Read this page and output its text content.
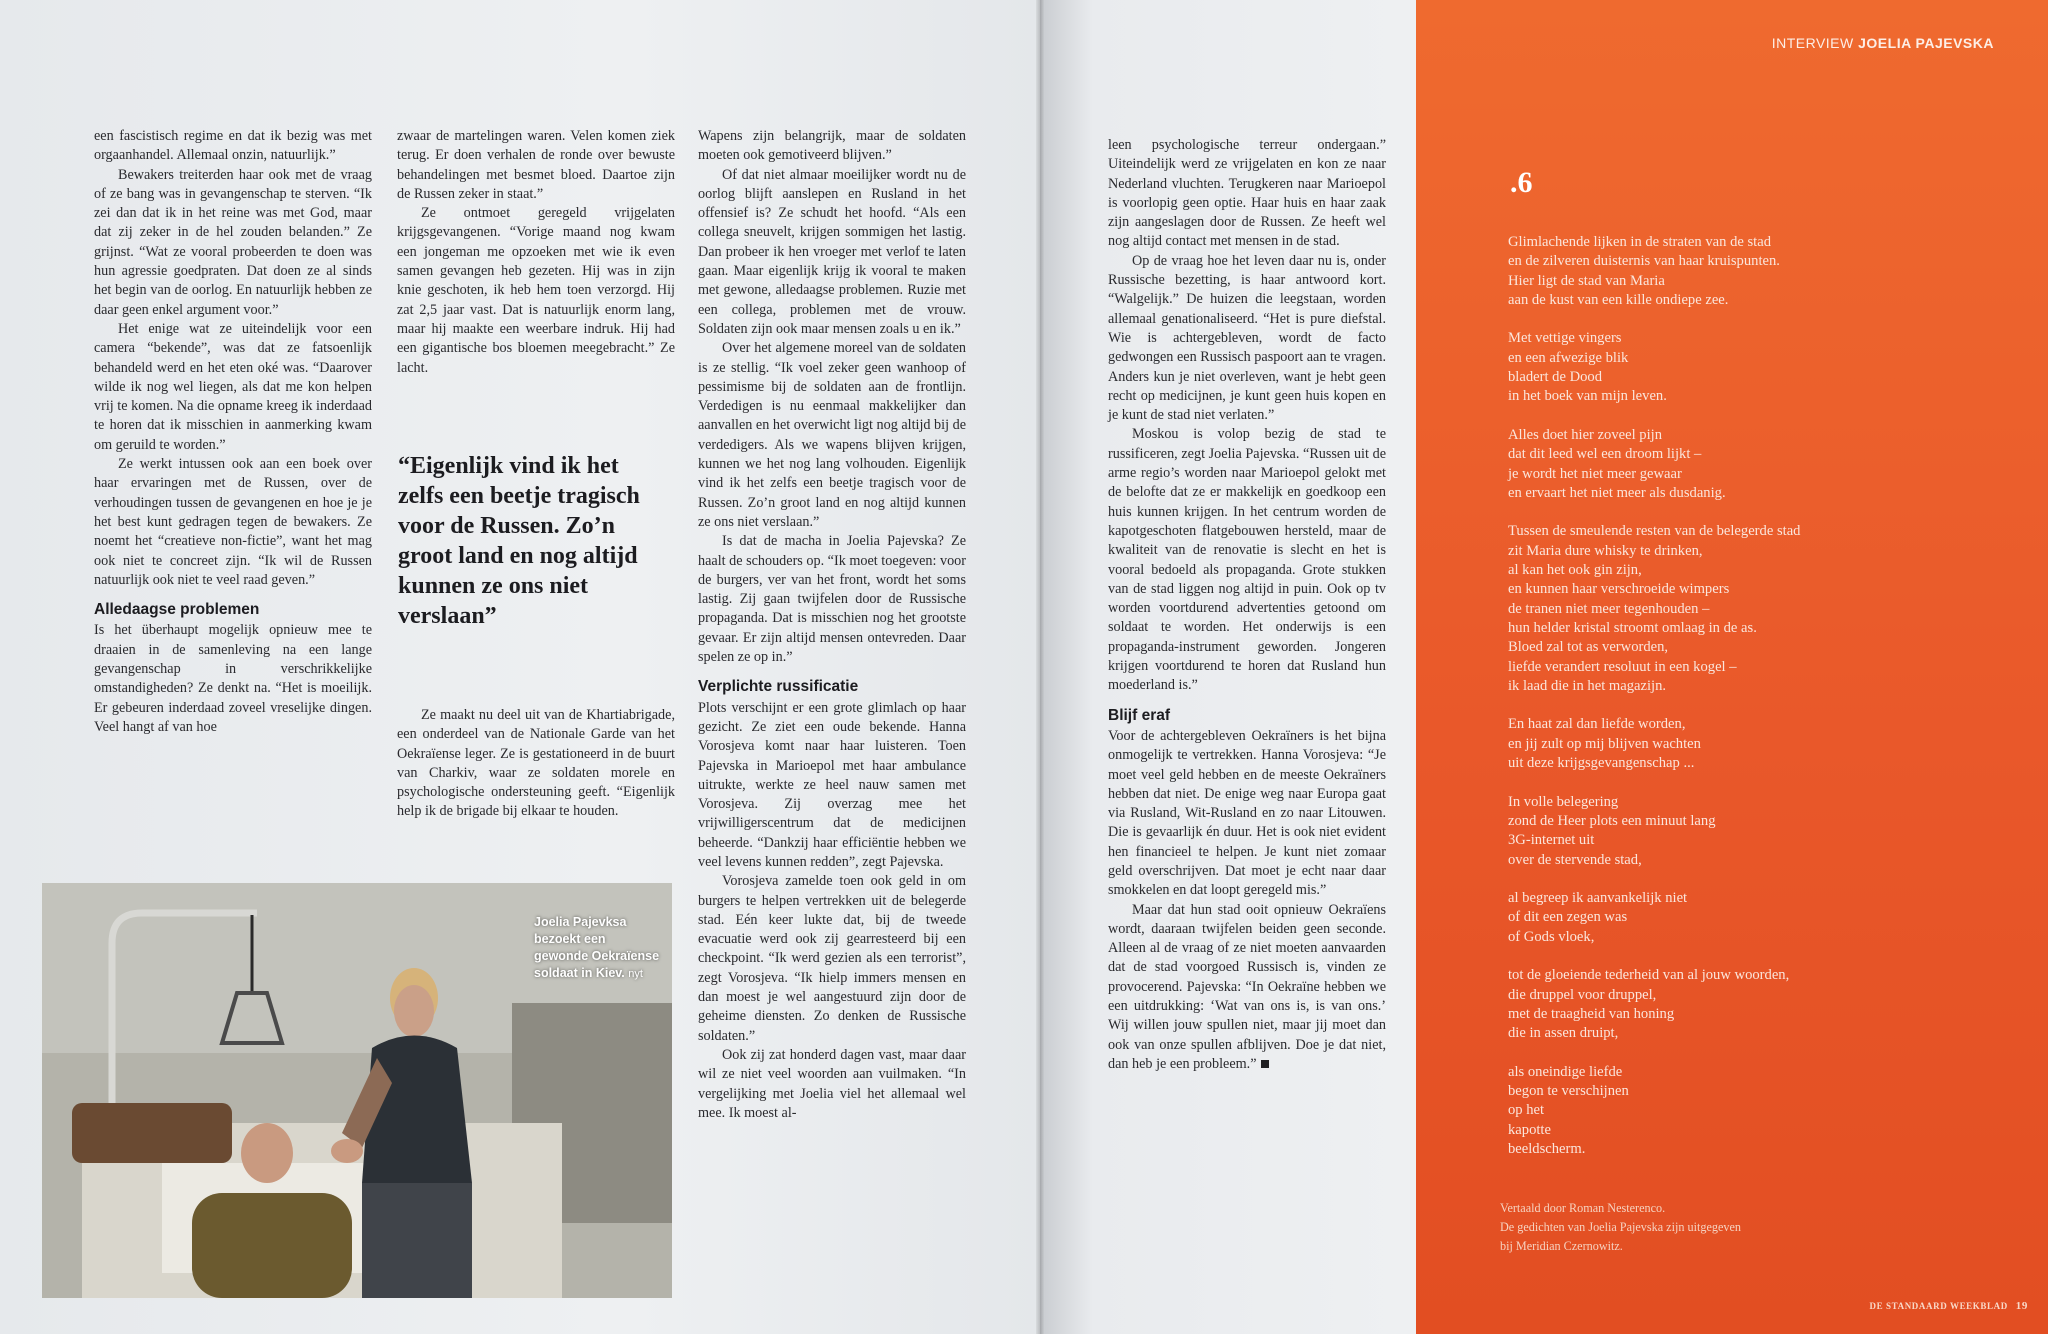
INTERVIEW JOELIA PAJEVSKA

een fascistisch regime en dat ik bezig was met orgaanhandel. Allemaal onzin, natuurlijk.”

Bewakers treiterden haar ook met de vraag of ze bang was in gevangenschap te sterven. “Ik zei dan dat ik in het reine was met God, maar dat zij zeker in de hel zouden belanden.” Ze grijnst. “Wat ze vooral probeerden te doen was hun agressie goedpraten. Dat doen ze al sinds het begin van de oorlog. En natuurlijk hebben ze daar geen enkel argument voor.”

Het enige wat ze uiteindelijk voor een camera “bekende”, was dat ze fatsoenlijk behandeld werd en het eten oké was. “Daarover wilde ik nog wel liegen, als dat me kon helpen vrij te komen. Na die opname kreeg ik inderdaad te horen dat ik misschien in aanmerking kwam om geruild te worden.”

Ze werkt intussen ook aan een boek over haar ervaringen met de Russen, over de verhoudingen tussen de gevangenen en hoe je je het best kunt gedragen tegen de bewakers. Ze noemt het “creatieve non-fictie”, want het mag ook niet te concreet zijn. “Ik wil de Russen natuurlijk ook niet te veel raad geven.”

Alledaagse problemen

Is het überhaupt mogelijk opnieuw mee te draaien in de samenleving na een lange gevangenschap in verschrikkelijke omstandigheden? Ze denkt na. “Het is moeilijk. Er gebeuren inderdaad zoveel vreselijke dingen. Veel hangt af van hoe

zwaar de martelingen waren. Velen komen ziek terug. Er doen verhalen de ronde over bewuste behandelingen met besmet bloed. Daartoe zijn de Russen zeker in staat.”

Ze ontmoet geregeld vrijgelaten krijgsgevangenen. “Vorige maand nog kwam een jongeman me opzoeken met wie ik even samen gevangen heb gezeten. Hij was in zijn knie geschoten, ik heb hem toen verzorgd. Hij zat 2,5 jaar vast. Dat is natuurlijk enorm lang, maar hij maakte een weerbare indruk. Hij had een gigantische bos bloemen meegebracht.” Ze lacht.

“Eigenlijk vind ik het zelfs een beetje tragisch voor de Russen. Zo’n groot land en nog altijd kunnen ze ons niet verslaan”

Ze maakt nu deel uit van de Khartiabrigade, een onderdeel van de Nationale Garde van het Oekraïense leger. Ze is gestationeerd in de buurt van Charkiv, waar ze soldaten morele en psychologische ondersteuning geeft. “Eigenlijk help ik de brigade bij elkaar te houden.

Wapens zijn belangrijk, maar de soldaten moeten ook gemotiveerd blijven.”

Of dat niet almaar moeilijker wordt nu de oorlog blijft aanslepen en Rusland in het offensief is? Ze schudt het hoofd. “Als een collega sneuvelt, krijgen sommigen het lastig. Dan probeer ik hen vroeger met verlof te laten gaan. Maar eigenlijk krijg ik vooral te maken met gewone, alledaagse problemen. Ruzie met een collega, problemen met de vrouw. Soldaten zijn ook maar mensen zoals u en ik.”

Over het algemene moreel van de soldaten is ze stellig. “Ik voel zeker geen wanhoop of pessimisme bij de soldaten aan de frontlijn. Verdedigen is nu eenmaal makkelijker dan aanvallen en het overwicht ligt nog altijd bij de verdedigers. Als we wapens blijven krijgen, kunnen we het nog lang volhouden. Eigenlijk vind ik het zelfs een beetje tragisch voor de Russen. Zo’n groot land en nog altijd kunnen ze ons niet verslaan.”

Is dat de macha in Joelia Pajevska? Ze haalt de schouders op. “Ik moet toegeven: voor de burgers, ver van het front, wordt het soms lastig. Zij gaan twijfelen door de Russische propaganda. Dat is misschien nog het grootste gevaar. Er zijn altijd mensen ontevreden. Daar spelen ze op in.”

Verplichte russificatie

Plots verschijnt er een grote glimlach op haar gezicht. Ze ziet een oude bekende. Hanna Vorosjeva komt naar haar luisteren. Toen Pajevska in Marioepol met haar ambulance uitrukte, werkte ze heel nauw samen met Vorosjeva. Zij overzag mee het vrijwilligerscentrum dat de medicijnen beheerde. “Dankzij haar efficiëntie hebben we veel levens kunnen redden”, zegt Pajevska.

Vorosjeva zamelde toen ook geld in om burgers te helpen vertrekken uit de belegerde stad. Eén keer lukte dat, bij de tweede evacuatie werd ook zij gearresteerd bij een checkpoint. “Ik werd gezien als een terrorist”, zegt Vorosjeva. “Ik hielp immers mensen en dan moest je wel aangestuurd zijn door de geheime diensten. Zo denken de Russische soldaten.”

Ook zij zat honderd dagen vast, maar daar wil ze niet veel woorden aan vuilmaken. “In vergelijking met Joelia viel het allemaal wel mee. Ik moest al-

leen psychologische terreur ondergaan.” Uiteindelijk werd ze vrijgelaten en kon ze naar Nederland vluchten. Terugkeren naar Marioepol is voorlopig geen optie. Haar huis en haar zaak zijn aangeslagen door de Russen. Ze heeft wel nog altijd contact met mensen in de stad.

Op de vraag hoe het leven daar nu is, onder Russische bezetting, is haar antwoord kort. “Walgelijk.” De huizen die leegstaan, worden allemaal genationaliseerd. “Het is pure diefstal. Wie is achtergebleven, wordt de facto gedwongen een Russisch paspoort aan te vragen. Anders kun je niet overleven, want je hebt geen recht op medicijnen, je kunt geen huis kopen en je kunt de stad niet verlaten.”

Moskou is volop bezig de stad te russificeren, zegt Joelia Pajevska. “Russen uit de arme regio’s worden naar Marioepol gelokt met de belofte dat ze er makkelijk en goedkoop een huis kunnen krijgen. In het centrum worden de kapotgeschoten flatgebouwen hersteld, maar de kwaliteit van de renovatie is slecht en het is vooral bedoeld als propaganda. Grote stukken van de stad liggen nog altijd in puin. Ook op tv worden voortdurend advertenties getoond om soldaat te worden. Het onderwijs is een propaganda-instrument geworden. Jongeren krijgen voortdurend te horen dat Rusland hun moederland is.”

Blijf eraf

Voor de achtergebleven Oekraïners is het bijna onmogelijk te vertrekken. Hanna Vorosjeva: “Je moet veel geld hebben en de meeste Oekraïners hebben dat niet. De enige weg naar Europa gaat via Rusland, Wit-Rusland en zo naar Litouwen. Die is gevaarlijk én duur. Het is ook niet evident hen financieel te helpen. Je kunt niet zomaar geld overschrijven. Dat moet je echt naar daar smokkelen en dat loopt geregeld mis.”

Maar dat hun stad ooit opnieuw Oekraïens wordt, daaraan twijfelen beiden geen seconde. Alleen al de vraag of ze niet moeten aanvaarden dat de stad voorgoed Russisch is, vinden ze provocerend. Pajevska: “In Oekraïne hebben we een uitdrukking: ‘Wat van ons is, is van ons.’ Wij willen jouw spullen niet, maar jij moet dan ook van onze spullen afblijven. Doe je dat niet, dan heb je een probleem.”

Joelia Pajevksa bezoekt een gewonde Oekraïense soldaat in Kiev. nyt
.6
Glimlachende lijken in de straten van de stad
en de zilveren duisternis van haar kruispunten.
Hier ligt de stad van Maria
aan de kust van een kille ondiepe zee.
Met vettige vingers
en een afwezige blik
bladert de Dood
in het boek van mijn leven.
Alles doet hier zoveel pijn
dat dit leed wel een droom lijkt –
je wordt het niet meer gewaar
en ervaart het niet meer als dusdanig.
Tussen de smeulende resten van de belegerde stad
zit Maria dure whisky te drinken,
al kan het ook gin zijn,
en kunnen haar verschroeide wimpers
de tranen niet meer tegenhouden –
hun helder kristal stroomt omlaag in de as.
Bloed zal tot as verworden,
liefde verandert resoluut in een kogel –
ik laad die in het magazijn.
En haat zal dan liefde worden,
en jij zult op mij blijven wachten
uit deze krijgsgevangenschap ...
In volle belegering
zond de Heer plots een minuut lang
3G-internet uit
over de stervende stad,
al begreep ik aanvankelijk niet
of dit een zegen was
of Gods vloek,
tot de gloeiende tederheid van al jouw woorden,
die druppel voor druppel,
met de traagheid van honing
die in assen druipt,
als oneindige liefde
begon te verschijnen
op het
kapotte
beeldscherm.
Vertaald door Roman Nesterenco.
De gedichten van Joelia Pajevska zijn uitgegeven
bij Meridian Czernowitz.
DE STANDAARD WEEKBLAD 19
